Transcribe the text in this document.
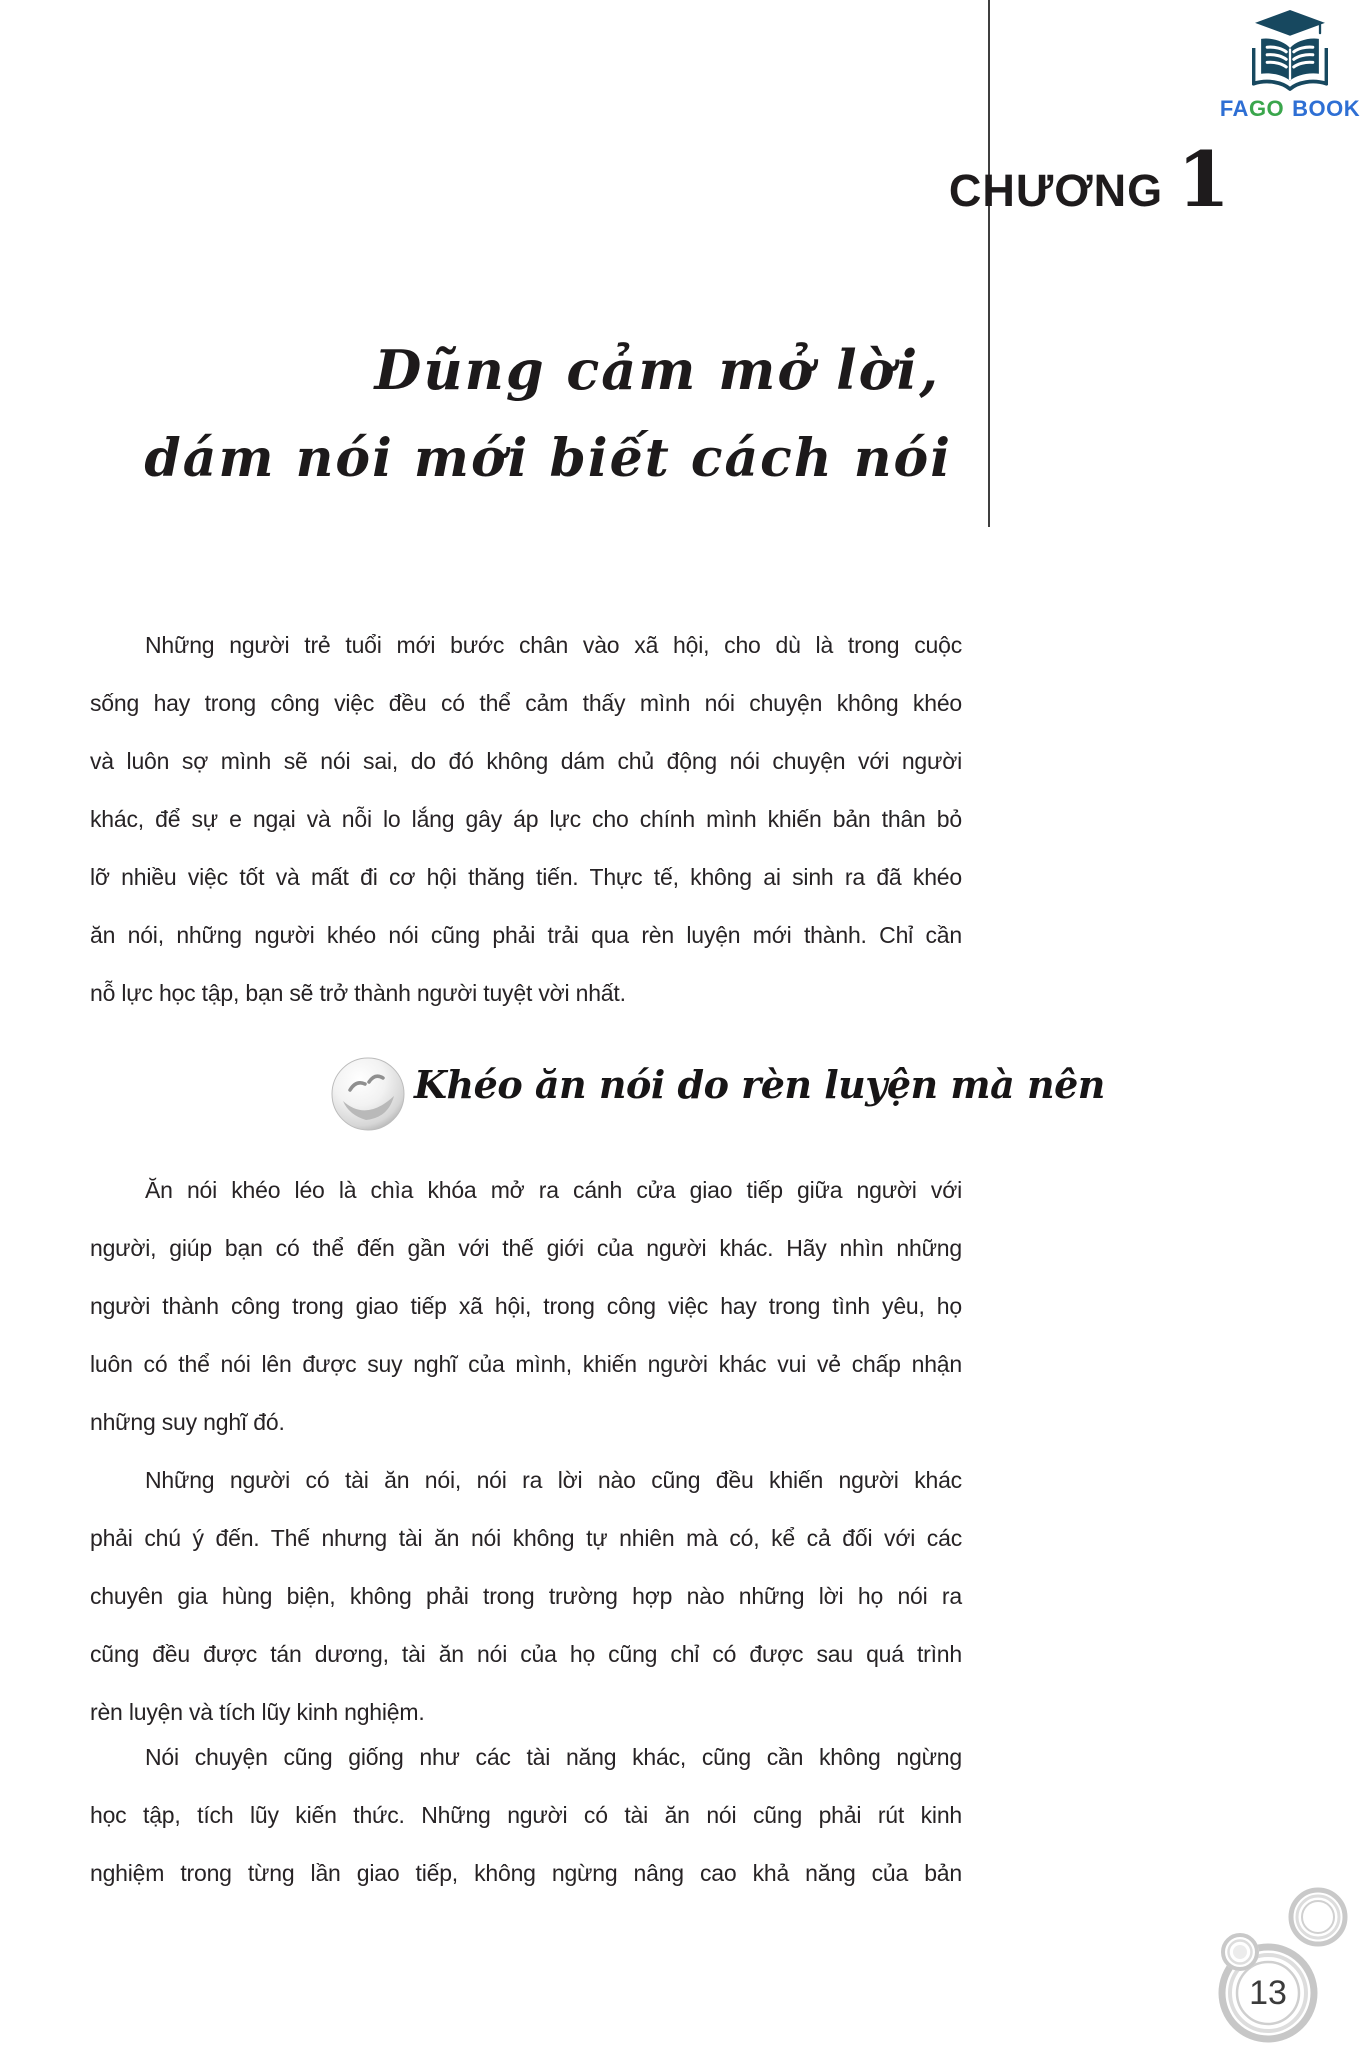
FAGO BOOK
CHƯƠNG 1
Dũng cảm mở lời,
dám nói mới biết cách nói
Khéo ăn nói do rèn luyện mà nên
Những người trẻ tuổi mới bước chân vào xã hội, cho dù là trong cuộc
sống hay trong công việc đều có thể cảm thấy mình nói chuyện không khéo
và luôn sợ mình sẽ nói sai, do đó không dám chủ động nói chuyện với người
khác, để sự e ngại và nỗi lo lắng gây áp lực cho chính mình khiến bản thân bỏ
lỡ nhiều việc tốt và mất đi cơ hội thăng tiến. Thực tế, không ai sinh ra đã khéo
ăn nói, những người khéo nói cũng phải trải qua rèn luyện mới thành. Chỉ cần
nỗ lực học tập, bạn sẽ trở thành người tuyệt vời nhất.
Ăn nói khéo léo là chìa khóa mở ra cánh cửa giao tiếp giữa người với
người, giúp bạn có thể đến gần với thế giới của người khác. Hãy nhìn những
người thành công trong giao tiếp xã hội, trong công việc hay trong tình yêu, họ
luôn có thể nói lên được suy nghĩ của mình, khiến người khác vui vẻ chấp nhận
những suy nghĩ đó.
Những người có tài ăn nói, nói ra lời nào cũng đều khiến người khác
phải chú ý đến. Thế nhưng tài ăn nói không tự nhiên mà có, kể cả đối với các
chuyên gia hùng biện, không phải trong trường hợp nào những lời họ nói ra
cũng đều được tán dương, tài ăn nói của họ cũng chỉ có được sau quá trình
rèn luyện và tích lũy kinh nghiệm.
Nói chuyện cũng giống như các tài năng khác, cũng cần không ngừng
học tập, tích lũy kiến thức. Những người có tài ăn nói cũng phải rút kinh
nghiệm trong từng lần giao tiếp, không ngừng nâng cao khả năng của bản
13
